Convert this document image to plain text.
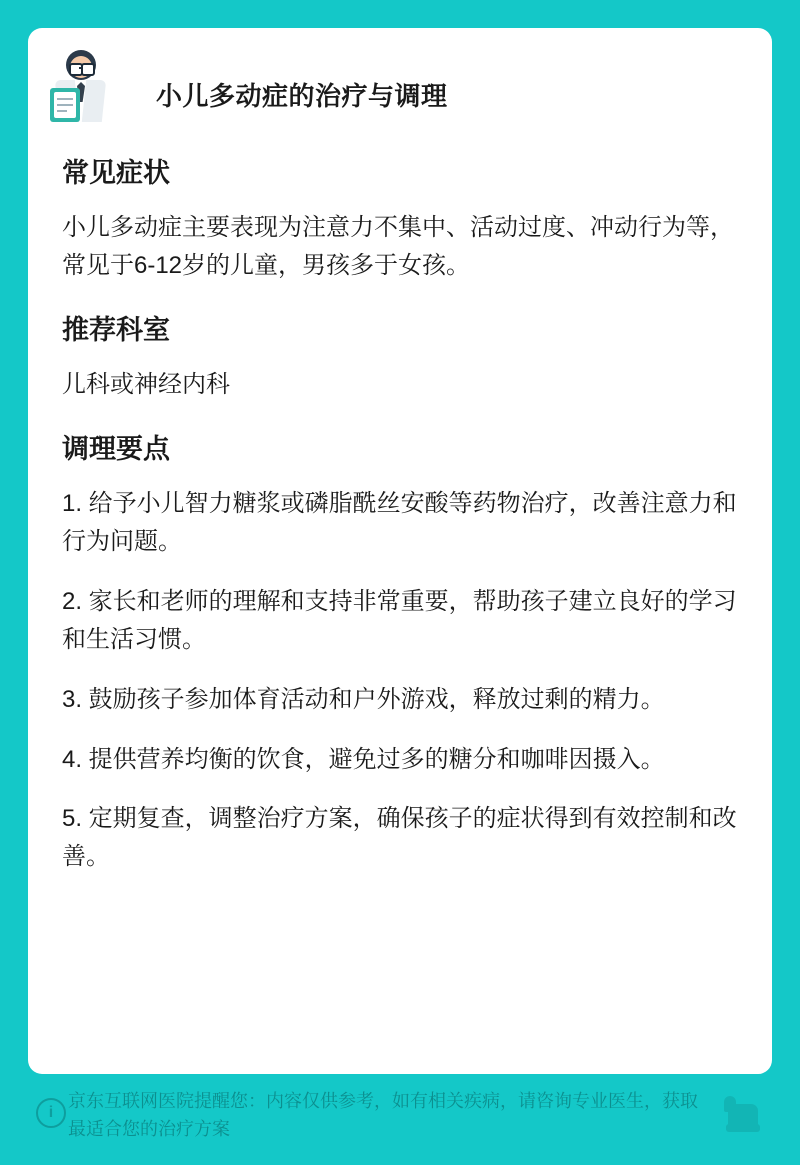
小儿多动症的治疗与调理
常见症状

小儿多动症主要表现为注意力不集中、活动过度、冲动行为等，常见于6-12岁的儿童，男孩多于女孩。

推荐科室

儿科或神经内科

调理要点
1. 给予小儿智力糖浆或磷脂酰丝安酸等药物治疗，改善注意力和行为问题。
2. 家长和老师的理解和支持非常重要，帮助孩子建立良好的学习和生活习惯。
3. 鼓励孩子参加体育活动和户外游戏，释放过剩的精力。
4. 提供营养均衡的饮食，避免过多的糖分和咖啡因摄入。
5. 定期复查，调整治疗方案，确保孩子的症状得到有效控制和改善。
i
京东互联网医院提醒您：内容仅供参考，如有相关疾病，请咨询专业医生，获取最适合您的治疗方案
